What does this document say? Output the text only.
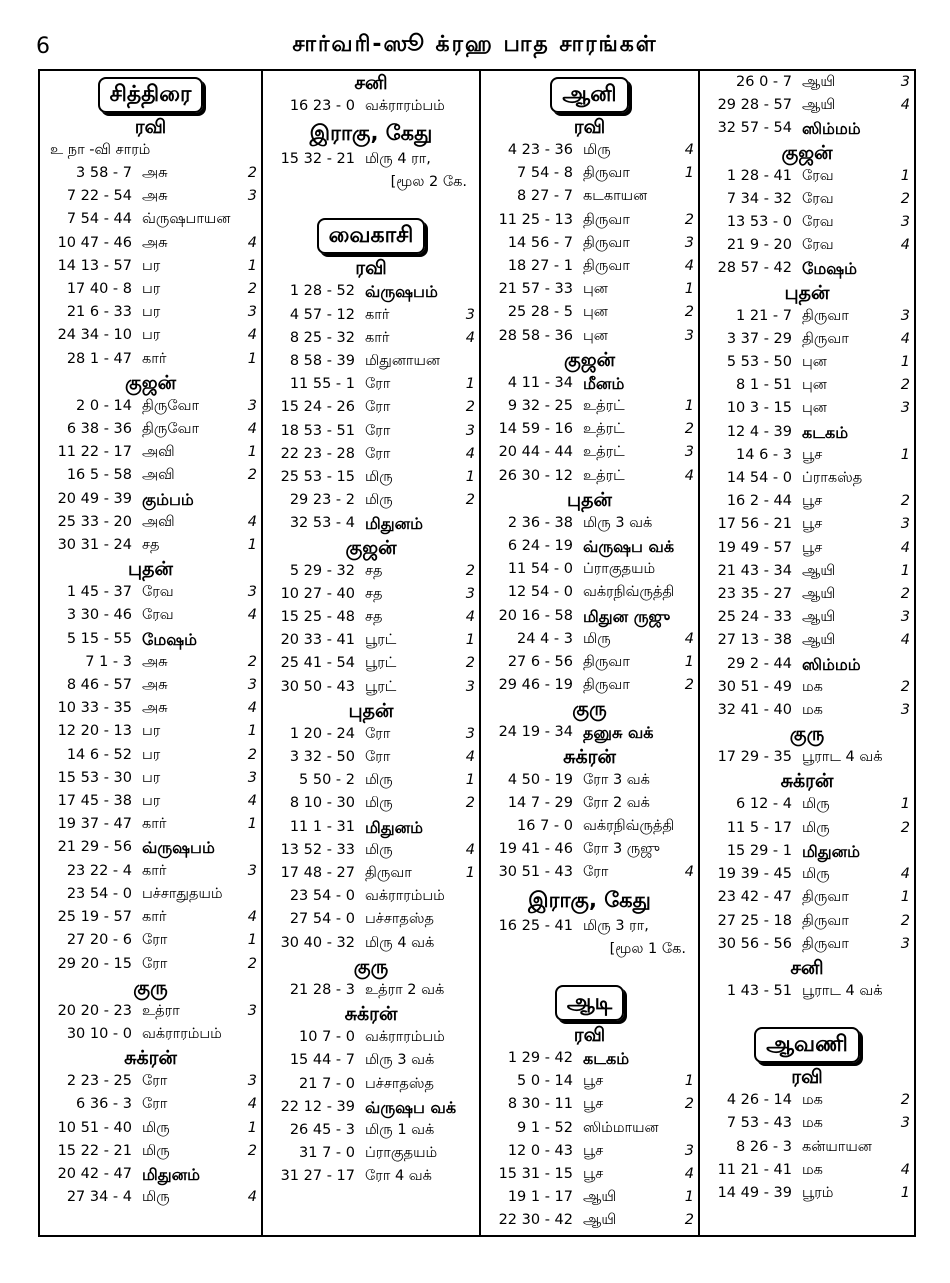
6	சார்வரி-ஸூ க்ரஹ பாத சாரங்கள்
சித்திரை
ரவி
உ நா -வி சாரம்
3 58 - 7 அசு	2
7 22 - 54 அசு	3
7 54 - 44 வ்ருஷபாயன
10 47 - 46 அசு	4
14 13 - 57 பர	1
17 40 - 8 பர	2
21 6 - 33 பர	3
24 34 - 10 பர	4
28 1 - 47 கார்	1
குஜன்
2 0 - 14 திருவோ	3
6 38 - 36 திருவோ	4
11 22 - 17 அவி	1
16 5 - 58 அவி	2
20 49 - 39 கும்பம்
25 33 - 20 அவி	4
30 31 - 24 சத	1
புதன்
1 45 - 37 ரேவ	3
3 30 - 46 ரேவ	4
5 15 - 55 மேஷம்
7 1 - 3 அசு	2
8 46 - 57 அசு	3
10 33 - 35 அசு	4
12 20 - 13 பர	1
14 6 - 52 பர	2
15 53 - 30 பர	3
17 45 - 38 பர	4
19 37 - 47 கார்	1
21 29 - 56 வ்ருஷபம்
23 22 - 4 கார்	3
23 54 - 0 பச்சாதுதயம்
25 19 - 57 கார்	4
27 20 - 6 ரோ	1
29 20 - 15 ரோ	2
குரு
20 20 - 23 உத்ரா	3
30 10 - 0 வக்ராரம்பம்
சுக்ரன்
2 23 - 25 ரோ	3
6 36 - 3 ரோ	4
10 51 - 40 மிரு	1
15 22 - 21 மிரு	2
20 42 - 47 மிதுனம்
27 34 - 4 மிரு	4
சனி
16 23 - 0 வக்ராரம்பம்
இராகு, கேது
15 32 - 21 மிரு 4 ரா,
[மூல 2 கே.
வைகாசி
ரவி
1 28 - 52 வ்ருஷபம்
4 57 - 12 கார்	3
8 25 - 32 கார்	4
8 58 - 39 மிதுனாயன
11 55 - 1 ரோ	1
15 24 - 26 ரோ	2
18 53 - 51 ரோ	3
22 23 - 28 ரோ	4
25 53 - 15 மிரு	1
29 23 - 2 மிரு	2
32 53 - 4 மிதுனம்
குஜன்
5 29 - 32 சத	2
10 27 - 40 சத	3
15 25 - 48 சத	4
20 33 - 41 பூரட்	1
25 41 - 54 பூரட்	2
30 50 - 43 பூரட்	3
புதன்
1 20 - 24 ரோ	3
3 32 - 50 ரோ	4
5 50 - 2 மிரு	1
8 10 - 30 மிரு	2
11 1 - 31 மிதுனம்
13 52 - 33 மிரு	4
17 48 - 27 திருவா	1
23 54 - 0 வக்ராரம்பம்
27 54 - 0 பச்சாதஸ்த
30 40 - 32 மிரு 4 வக்
குரு
21 28 - 3 உத்ரா 2 வக்
சுக்ரன்
10 7 - 0 வக்ராரம்பம்
15 44 - 7 மிரு 3 வக்
21 7 - 0 பச்சாதஸ்த
22 12 - 39 வ்ருஷப வக்
26 45 - 3 மிரு 1 வக்
31 7 - 0 ப்ராகுதயம்
31 27 - 17 ரோ 4 வக்
ஆனி
ரவி
4 23 - 36 மிரு	4
7 54 - 8 திருவா	1
8 27 - 7 கடகாயன
11 25 - 13 திருவா	2
14 56 - 7 திருவா	3
18 27 - 1 திருவா	4
21 57 - 33 புன	1
25 28 - 5 புன	2
28 58 - 36 புன	3
குஜன்
4 11 - 34 மீனம்
9 32 - 25 உத்ரட்	1
14 59 - 16 உத்ரட்	2
20 44 - 44 உத்ரட்	3
26 30 - 12 உத்ரட்	4
புதன்
2 36 - 38 மிரு 3 வக்
6 24 - 19 வ்ருஷப வக்
11 54 - 0 ப்ராகுதயம்
12 54 - 0 வக்ரநிவ்ருத்தி
20 16 - 58 மிதுன ருஜு
24 4 - 3 மிரு	4
27 6 - 56 திருவா	1
29 46 - 19 திருவா	2
குரு
24 19 - 34 தனுசு வக்
சுக்ரன்
4 50 - 19 ரோ 3 வக்
14 7 - 29 ரோ 2 வக்
16 7 - 0 வக்ரநிவ்ருத்தி
19 41 - 46 ரோ 3 ருஜு
30 51 - 43 ரோ	4
இராகு, கேது
16 25 - 41 மிரு 3 ரா,
[மூல 1 கே.
ஆடி
ரவி
1 29 - 42 கடகம்
5 0 - 14 பூச	1
8 30 - 11 பூச	2
9 1 - 52 ஸிம்மாயன
12 0 - 43 பூச	3
15 31 - 15 பூச	4
19 1 - 17 ஆயி	1
22 30 - 42 ஆயி	2
26 0 - 7 ஆயி	3
29 28 - 57 ஆயி	4
32 57 - 54 ஸிம்மம்
குஜன்
1 28 - 41 ரேவ	1
7 34 - 32 ரேவ	2
13 53 - 0 ரேவ	3
21 9 - 20 ரேவ	4
28 57 - 42 மேஷம்
புதன்
1 21 - 7 திருவா	3
3 37 - 29 திருவா	4
5 53 - 50 புன	1
8 1 - 51 புன	2
10 3 - 15 புன	3
12 4 - 39 கடகம்
14 6 - 3 பூச	1
14 54 - 0 ப்ராகஸ்த
16 2 - 44 பூச	2
17 56 - 21 பூச	3
19 49 - 57 பூச	4
21 43 - 34 ஆயி	1
23 35 - 27 ஆயி	2
25 24 - 33 ஆயி	3
27 13 - 38 ஆயி	4
29 2 - 44 ஸிம்மம்
30 51 - 49 மக	2
32 41 - 40 மக	3
குரு
17 29 - 35 பூராட 4 வக்
சுக்ரன்
6 12 - 4 மிரு	1
11 5 - 17 மிரு	2
15 29 - 1 மிதுனம்
19 39 - 45 மிரு	4
23 42 - 47 திருவா	1
27 25 - 18 திருவா	2
30 56 - 56 திருவா	3
சனி
1 43 - 51 பூராட 4 வக்
ஆவணி
ரவி
4 26 - 14 மக	2
7 53 - 43 மக	3
8 26 - 3 கன்யாயன
11 21 - 41 மக	4
14 49 - 39 பூரம்	1
